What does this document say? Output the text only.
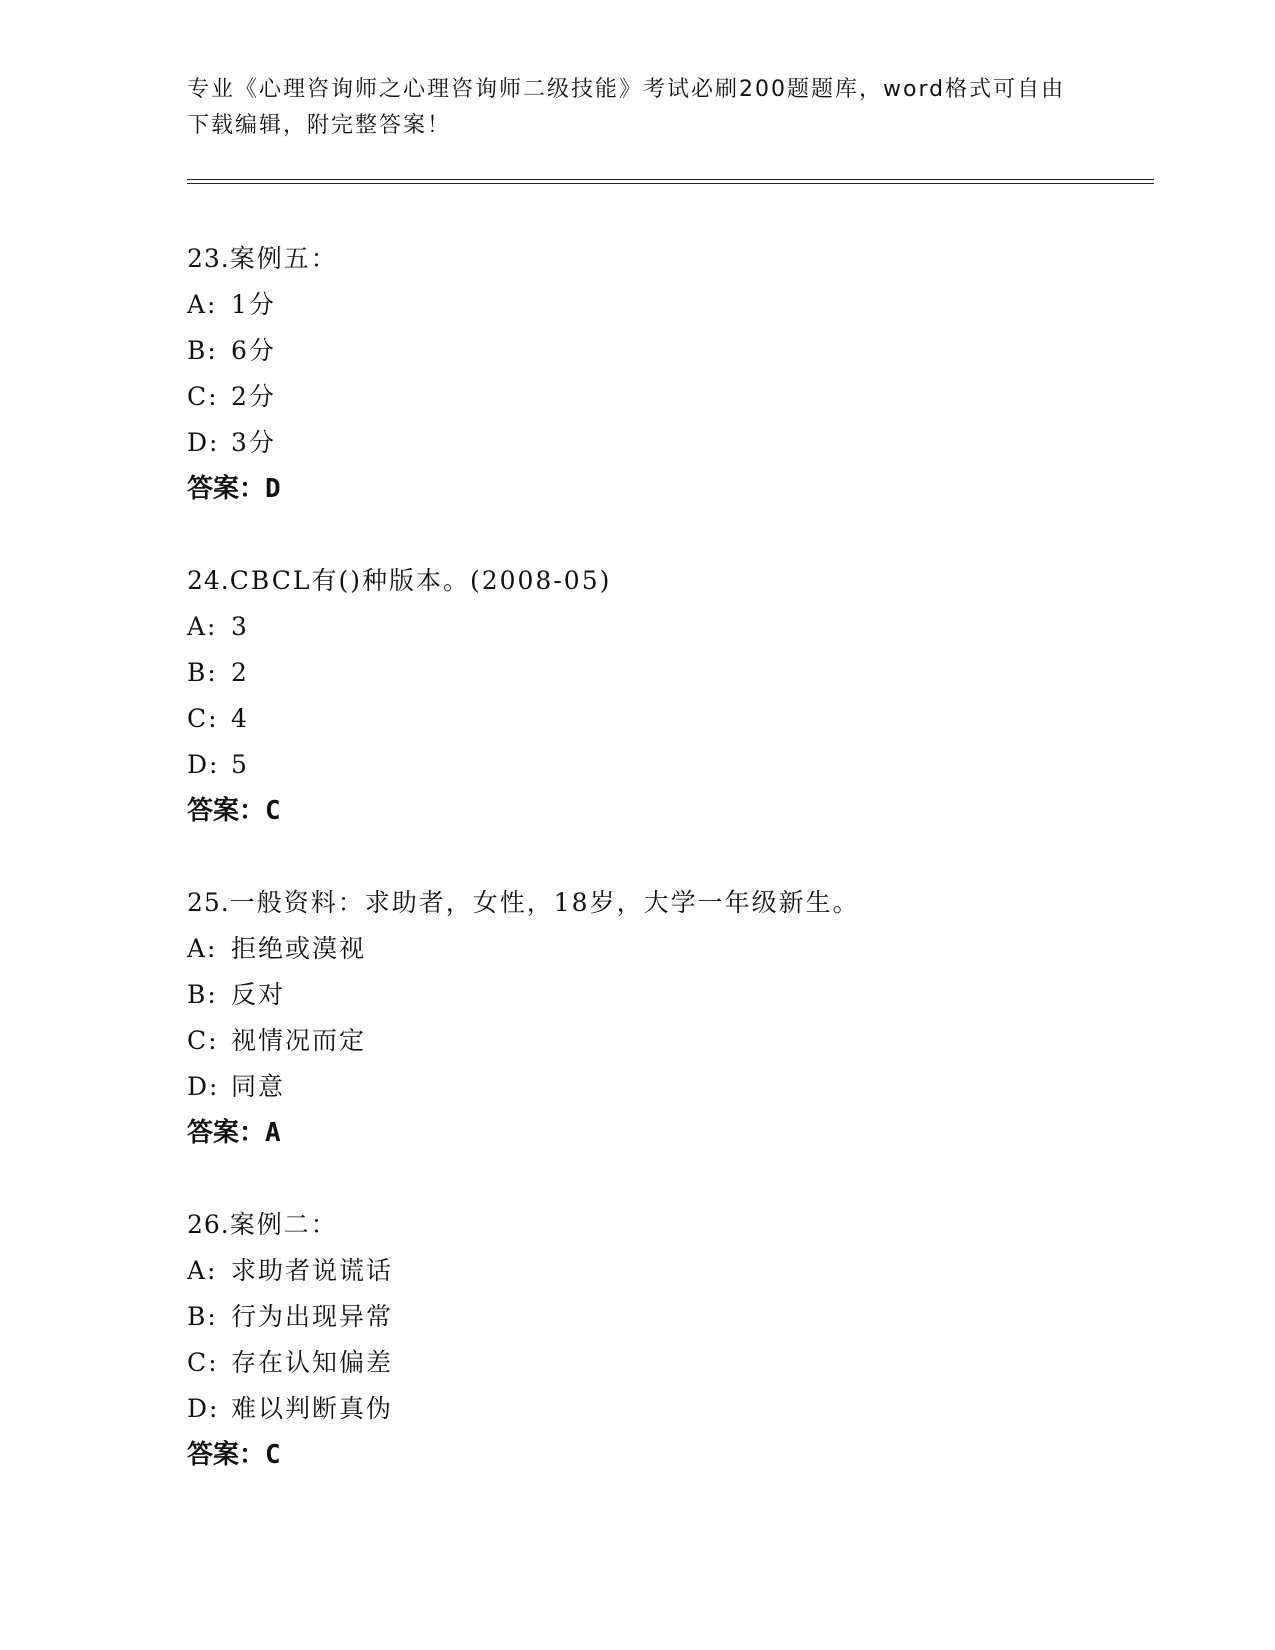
专业《心理咨询师之心理咨询师二级技能》考试必刷200题题库，word格式可自由下载编辑，附完整答案！
23.案例五：
A: 1分
B: 6分
C: 2分
D: 3分
答案：D
24.CBCL有()种版本。(2008-05)
A: 3
B: 2
C: 4
D: 5
答案：C
25.一般资料：求助者，女性，18岁，大学一年级新生。
A: 拒绝或漠视
B: 反对
C: 视情况而定
D: 同意
答案：A
26.案例二：
A: 求助者说谎话
B: 行为出现异常
C: 存在认知偏差
D: 难以判断真伪
答案：C
